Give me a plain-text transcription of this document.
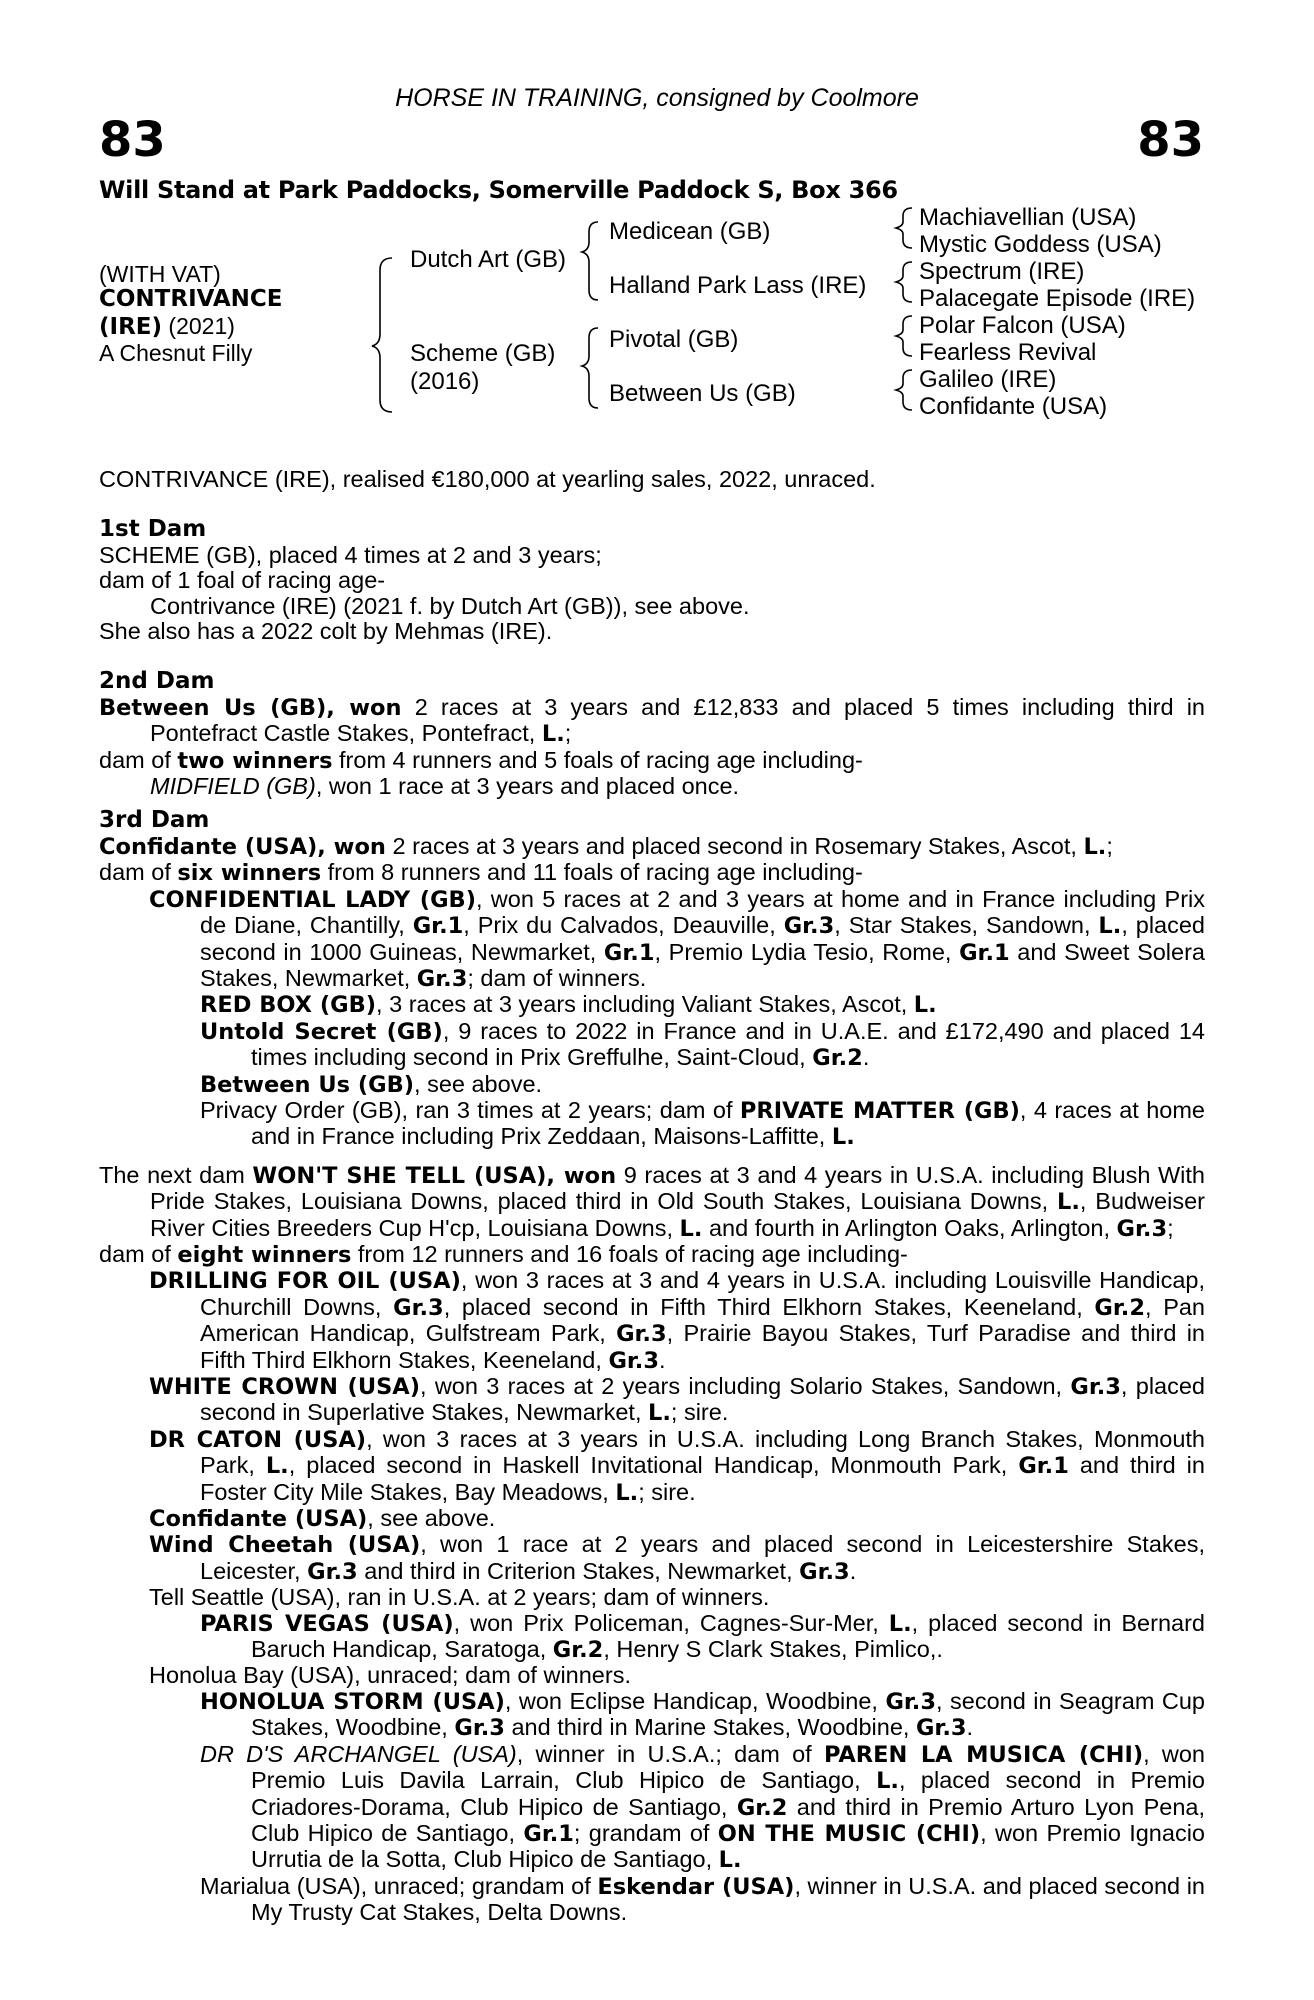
HORSE IN TRAINING, consigned by Coolmore
83	83
Will Stand at Park Paddocks, Somerville Paddock S, Box 366
(WITH VAT)
CONTRIVANCE
(IRE) (2021)
A Chesnut Filly
Dutch Art (GB)
Scheme (GB)
(2016)
Medicean (GB)
Halland Park Lass (IRE)
Pivotal (GB)
Between Us (GB)
Machiavellian (USA)
Mystic Goddess (USA)
Spectrum (IRE)
Palacegate Episode (IRE)
Polar Falcon (USA)
Fearless Revival
Galileo (IRE)
Confidante (USA)
CONTRIVANCE (IRE), realised €180,000 at yearling sales, 2022, unraced.
1st Dam
SCHEME (GB), placed 4 times at 2 and 3 years;
dam of 1 foal of racing age-
Contrivance (IRE) (2021 f. by Dutch Art (GB)), see above.
She also has a 2022 colt by Mehmas (IRE).
2nd Dam
Between Us (GB), won 2 races at 3 years and £12,833 and placed 5 times including third in Pontefract Castle Stakes, Pontefract, L.;
dam of two winners from 4 runners and 5 foals of racing age including-
MIDFIELD (GB), won 1 race at 3 years and placed once.
3rd Dam
Confidante (USA), won 2 races at 3 years and placed second in Rosemary Stakes, Ascot, L.;
dam of six winners from 8 runners and 11 foals of racing age including-
CONFIDENTIAL LADY (GB), won 5 races at 2 and 3 years at home and in France including Prix de Diane, Chantilly, Gr.1, Prix du Calvados, Deauville, Gr.3, Star Stakes, Sandown, L., placed second in 1000 Guineas, Newmarket, Gr.1, Premio Lydia Tesio, Rome, Gr.1 and Sweet Solera Stakes, Newmarket, Gr.3; dam of winners.
RED BOX (GB), 3 races at 3 years including Valiant Stakes, Ascot, L.
Untold Secret (GB), 9 races to 2022 in France and in U.A.E. and £172,490 and placed 14 times including second in Prix Greffulhe, Saint-Cloud, Gr.2.
Between Us (GB), see above.
Privacy Order (GB), ran 3 times at 2 years; dam of PRIVATE MATTER (GB), 4 races at home and in France including Prix Zeddaan, Maisons-Laffitte, L.
The next dam WON'T SHE TELL (USA), won 9 races at 3 and 4 years in U.S.A. including Blush With Pride Stakes, Louisiana Downs, placed third in Old South Stakes, Louisiana Downs, L., Budweiser River Cities Breeders Cup H'cp, Louisiana Downs, L. and fourth in Arlington Oaks, Arlington, Gr.3;
dam of eight winners from 12 runners and 16 foals of racing age including-
DRILLING FOR OIL (USA), won 3 races at 3 and 4 years in U.S.A. including Louisville Handicap, Churchill Downs, Gr.3, placed second in Fifth Third Elkhorn Stakes, Keeneland, Gr.2, Pan American Handicap, Gulfstream Park, Gr.3, Prairie Bayou Stakes, Turf Paradise and third in Fifth Third Elkhorn Stakes, Keeneland, Gr.3.
WHITE CROWN (USA), won 3 races at 2 years including Solario Stakes, Sandown, Gr.3, placed second in Superlative Stakes, Newmarket, L.; sire.
DR CATON (USA), won 3 races at 3 years in U.S.A. including Long Branch Stakes, Monmouth Park, L., placed second in Haskell Invitational Handicap, Monmouth Park, Gr.1 and third in Foster City Mile Stakes, Bay Meadows, L.; sire.
Confidante (USA), see above.
Wind Cheetah (USA), won 1 race at 2 years and placed second in Leicestershire Stakes, Leicester, Gr.3 and third in Criterion Stakes, Newmarket, Gr.3.
Tell Seattle (USA), ran in U.S.A. at 2 years; dam of winners.
PARIS VEGAS (USA), won Prix Policeman, Cagnes-Sur-Mer, L., placed second in Bernard Baruch Handicap, Saratoga, Gr.2, Henry S Clark Stakes, Pimlico,.
Honolua Bay (USA), unraced; dam of winners.
HONOLUA STORM (USA), won Eclipse Handicap, Woodbine, Gr.3, second in Seagram Cup Stakes, Woodbine, Gr.3 and third in Marine Stakes, Woodbine, Gr.3.
DR D'S ARCHANGEL (USA), winner in U.S.A.; dam of PAREN LA MUSICA (CHI), won Premio Luis Davila Larrain, Club Hipico de Santiago, L., placed second in Premio Criadores-Dorama, Club Hipico de Santiago, Gr.2 and third in Premio Arturo Lyon Pena, Club Hipico de Santiago, Gr.1; grandam of ON THE MUSIC (CHI), won Premio Ignacio Urrutia de la Sotta, Club Hipico de Santiago, L.
Marialua (USA), unraced; grandam of Eskendar (USA), winner in U.S.A. and placed second in My Trusty Cat Stakes, Delta Downs.
